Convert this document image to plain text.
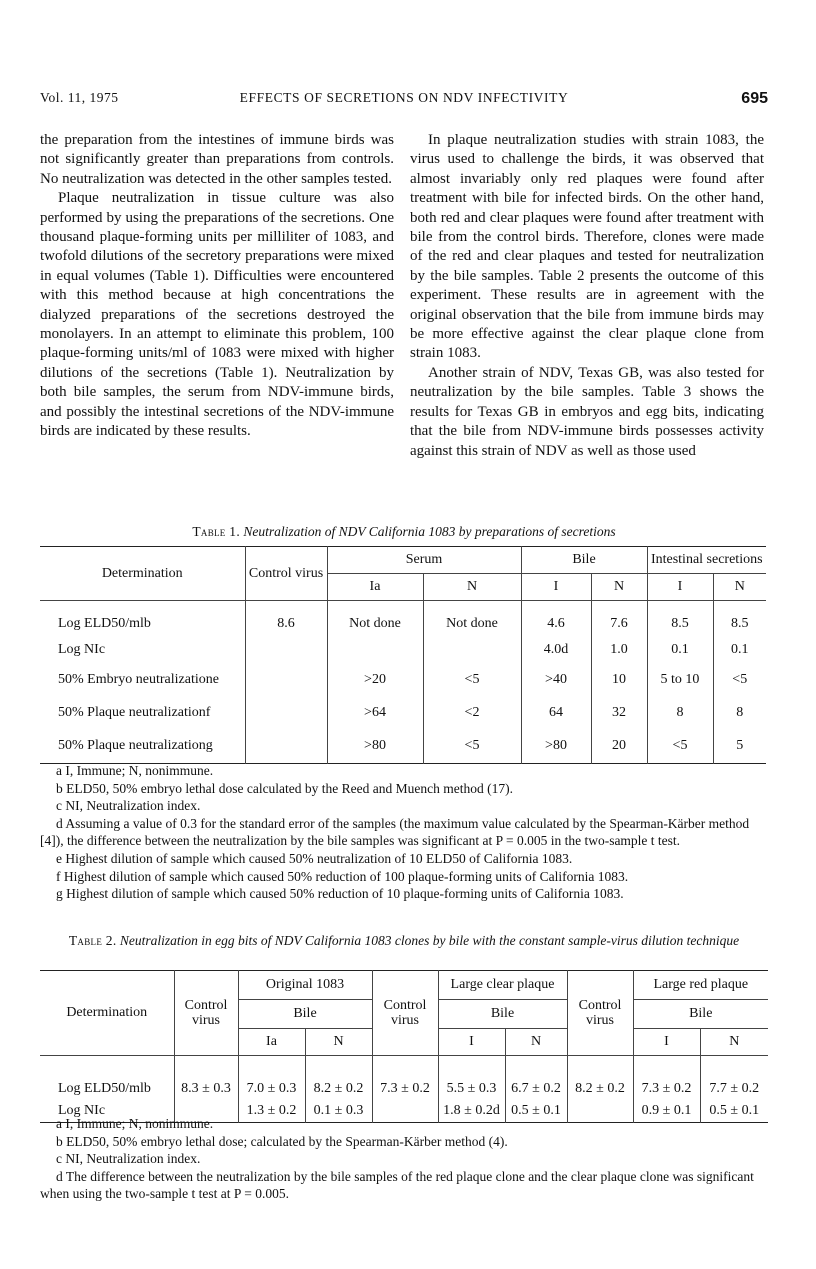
Vol. 11, 1975	EFFECTS OF SECRETIONS ON NDV INFECTIVITY	695

the preparation from the intestines of immune birds was not significantly greater than preparations from controls. No neutralization was detected in the other samples tested.

Plaque neutralization in tissue culture was also performed by using the preparations of the secretions. One thousand plaque-forming units per milliliter of 1083, and twofold dilutions of the secretory preparations were mixed in equal volumes (Table 1). Difficulties were encountered with this method because at high concentrations the dialyzed preparations of the secretions destroyed the monolayers. In an attempt to eliminate this problem, 100 plaque-forming units/ml of 1083 were mixed with higher dilutions of the secretions (Table 1). Neutralization by both bile samples, the serum from NDV-immune birds, and possibly the intestinal secretions of the NDV-immune birds are indicated by these results.

In plaque neutralization studies with strain 1083, the virus used to challenge the birds, it was observed that almost invariably only red plaques were found after treatment with bile for infected birds. On the other hand, both red and clear plaques were found after treatment with bile from the control birds. Therefore, clones were made of the red and clear plaques and tested for neutralization by the bile samples. Table 2 presents the outcome of this experiment. These results are in agreement with the original observation that the bile from immune birds may be more effective against the clear plaque clone from strain 1083.

Another strain of NDV, Texas GB, was also tested for neutralization by the bile samples. Table 3 shows the results for Texas GB in embryos and egg bits, indicating that the bile from NDV-immune birds possesses activity against this strain of NDV as well as those used

Table 1. Neutralization of NDV California 1083 by preparations of secretions
Determination	Control virus	Serum		Bile		Intestinal secretions	
		Ia	N	I	N	I	N

Log ELD50/mlb	8.6	Not done	Not done	4.6	7.6	8.5	8.5
Log NIc				4.0d	1.0	0.1	0.1
50% Embryo neutralizatione		>20	<5	>40	10	5 to 10	<5
50% Plaque neutralizationf		>64	<2	64	32	8	8
50% Plaque neutralizationg		>80	<5	>80	20	<5	5
a I, Immune; N, nonimmune.
b ELD50, 50% embryo lethal dose calculated by the Reed and Muench method (17).
c NI, Neutralization index.
d Assuming a value of 0.3 for the standard error of the samples (the maximum value calculated by the Spearman-Kärber method [4]), the difference between the neutralization by the bile samples was significant at P = 0.005 in the two-sample t test.
e Highest dilution of sample which caused 50% neutralization of 10 ELD50 of California 1083.
f Highest dilution of sample which caused 50% reduction of 100 plaque-forming units of California 1083.
g Highest dilution of sample which caused 50% reduction of 10 plaque-forming units of California 1083.
Table 2. Neutralization in egg bits of NDV California 1083 clones by bile with the constant sample-virus dilution technique
Determination	Control virus	Original 1083		Control virus	Large clear plaque		Control virus	Large red plaque	
		Bile			Bile			Bile	
		Ia	N		I	N		I	N

Log ELD50/mlb	8.3 ± 0.3	7.0 ± 0.3	8.2 ± 0.2	7.3 ± 0.2	5.5 ± 0.3	6.7 ± 0.2	8.2 ± 0.2	7.3 ± 0.2	7.7 ± 0.2
Log NIc		1.3 ± 0.2	0.1 ± 0.3		1.8 ± 0.2d	0.5 ± 0.1		0.9 ± 0.1	0.5 ± 0.1
a I, Immune; N, nonimmune.
b ELD50, 50% embryo lethal dose; calculated by the Spearman-Kärber method (4).
c NI, Neutralization index.
d The difference between the neutralization by the bile samples of the red plaque clone and the clear plaque clone was significant when using the two-sample t test at P = 0.005.
